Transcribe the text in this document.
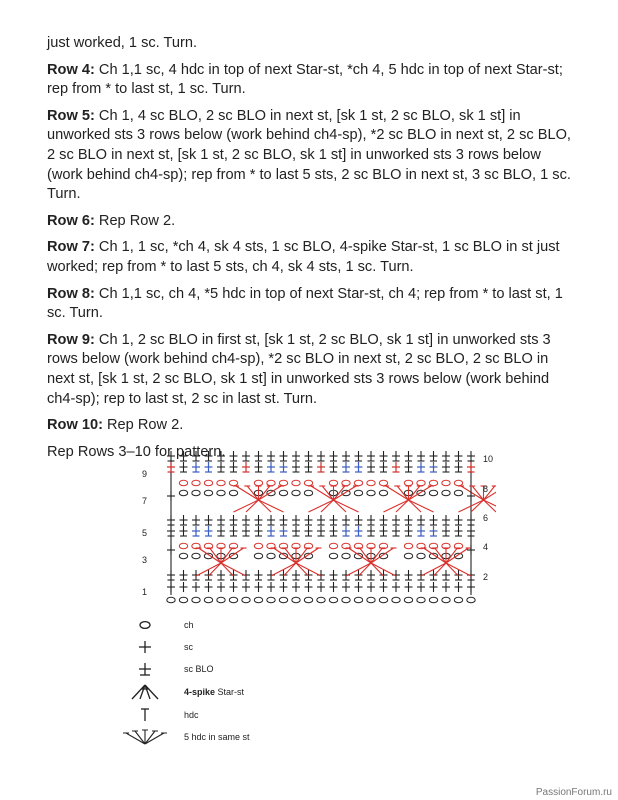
just worked, 1 sc. Turn.

Row 4: Ch 1,1 sc, 4 hdc in top of next Star-st, *ch 4, 5 hdc in top of next Star-st; rep from * to last st, 1 sc. Turn.

Row 5: Ch 1, 4 sc BLO, 2 sc BLO in next st, [sk 1 st, 2 sc BLO, sk 1 st] in unworked sts 3 rows below (work behind ch4-sp), *2 sc BLO in next st, 2 sc BLO, 2 sc BLO in next st, [sk 1 st, 2 sc BLO, sk 1 st] in unworked sts 3 rows below (work behind ch4-sp); rep from * to last 5 sts, 2 sc BLO in next st, 3 sc BLO, 1 sc. Turn.

Row 6: Rep Row 2.

Row 7: Ch 1, 1 sc, *ch 4, sk 4 sts, 1 sc BLO, 4-spike Star-st, 1 sc BLO in st just worked; rep from * to last 5 sts, ch 4, sk 4 sts, 1 sc. Turn.

Row 8: Ch 1,1 sc, ch 4, *5 hdc in top of next Star-st, ch 4; rep from * to last st, 1 sc. Turn.

Row 9: Ch 1, 2 sc BLO in first st, [sk 1 st, 2 sc BLO, sk 1 st] in unworked sts 3 rows below (work behind ch4-sp), *2 sc BLO in next st, 2 sc BLO, 2 sc BLO in next st, [sk 1 st, 2 sc BLO, sk 1 st] in unworked sts 3 rows below (work behind ch4-sp); rep to last st, 2 sc in last st. Turn.

Row 10: Rep Row 2.

Rep Rows 3–10 for pattern.

9
7
5
3
1
10
8
6
4
2
ch
sc
sc BLO
4-spike Star-st
hdc
5 hdc in same st
PassionForum.ru
